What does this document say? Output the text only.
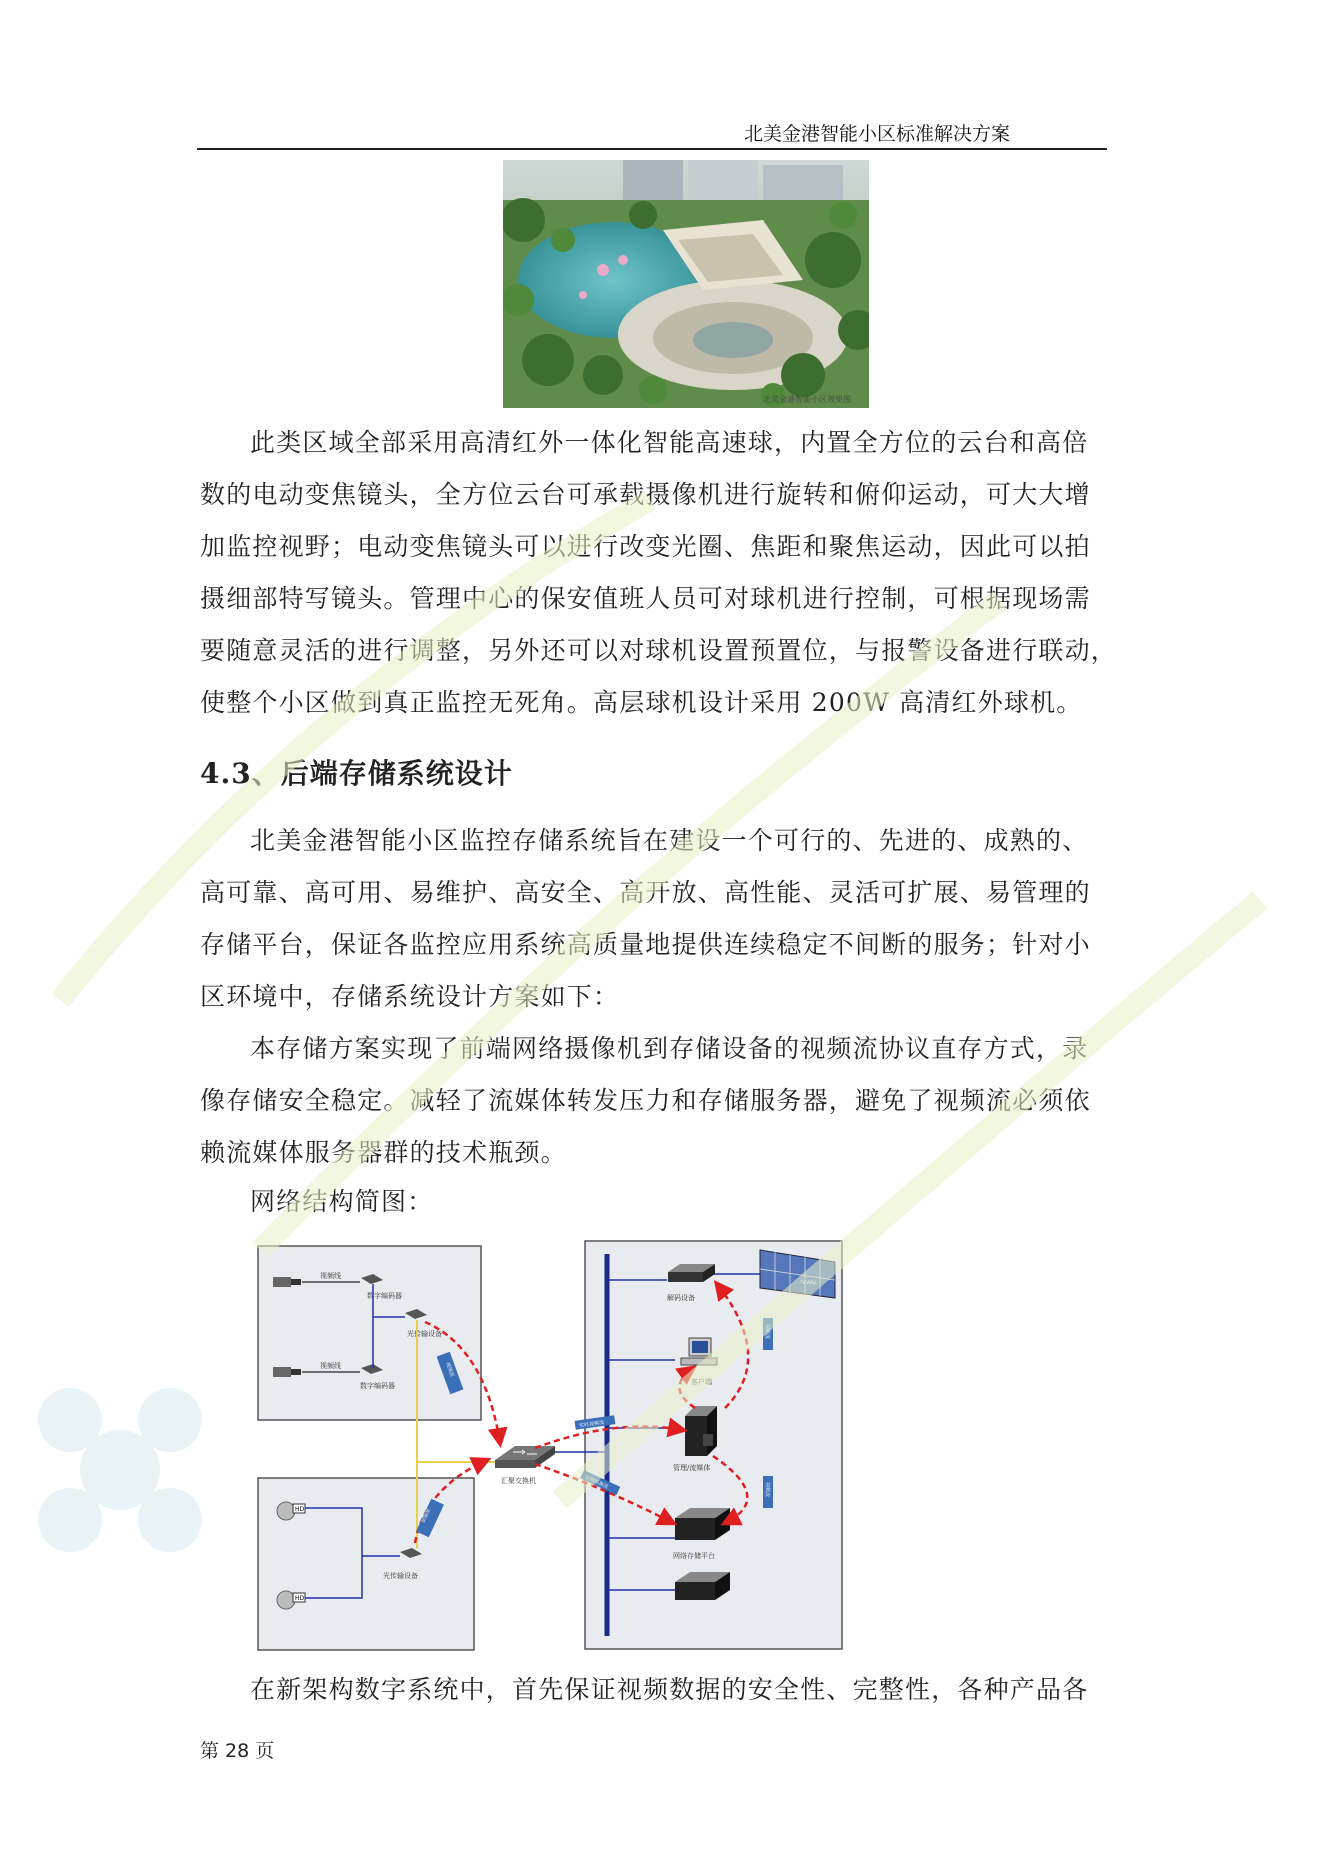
北美金港智能小区标准解决方案
北美金港智能小区效果图

此类区域全部采用高清红外一体化智能高速球，内置全方位的云台和高倍

数的电动变焦镜头，全方位云台可承载摄像机进行旋转和俯仰运动，可大大增

加监控视野；电动变焦镜头可以进行改变光圈、焦距和聚焦运动，因此可以拍

摄细部特写镜头。管理中心的保安值班人员可对球机进行控制，可根据现场需

要随意灵活的进行调整，另外还可以对球机设置预置位，与报警设备进行联动，

使整个小区做到真正监控无死角。高层球机设计采用 200W 高清红外球机。

4.3、后端存储系统设计

北美金港智能小区监控存储系统旨在建设一个可行的、先进的、成熟的、

高可靠、高可用、易维护、高安全、高开放、高性能、灵活可扩展、易管理的

存储平台，保证各监控应用系统高质量地提供连续稳定不间断的服务；针对小

区环境中，存储系统设计方案如下：

本存储方案实现了前端网络摄像机到存储设备的视频流协议直存方式，录

像存储安全稳定。减轻了流媒体转发压力和存储服务器，避免了视频流必须依

赖流媒体服务器群的技术瓶颈。

网络结构简图：
视频线
视频线
数字编码器
数字编码器
光传输设备
汇聚交换机
HD
HD
光传输设备
解码设备
TV WALL
客户端
管理/流媒体
网络存储平台
视频流
视频流
实时视频流
存储视频流
视频流
视频流
在新架构数字系统中，首先保证视频数据的安全性、完整性，各种产品各
第 28 页
